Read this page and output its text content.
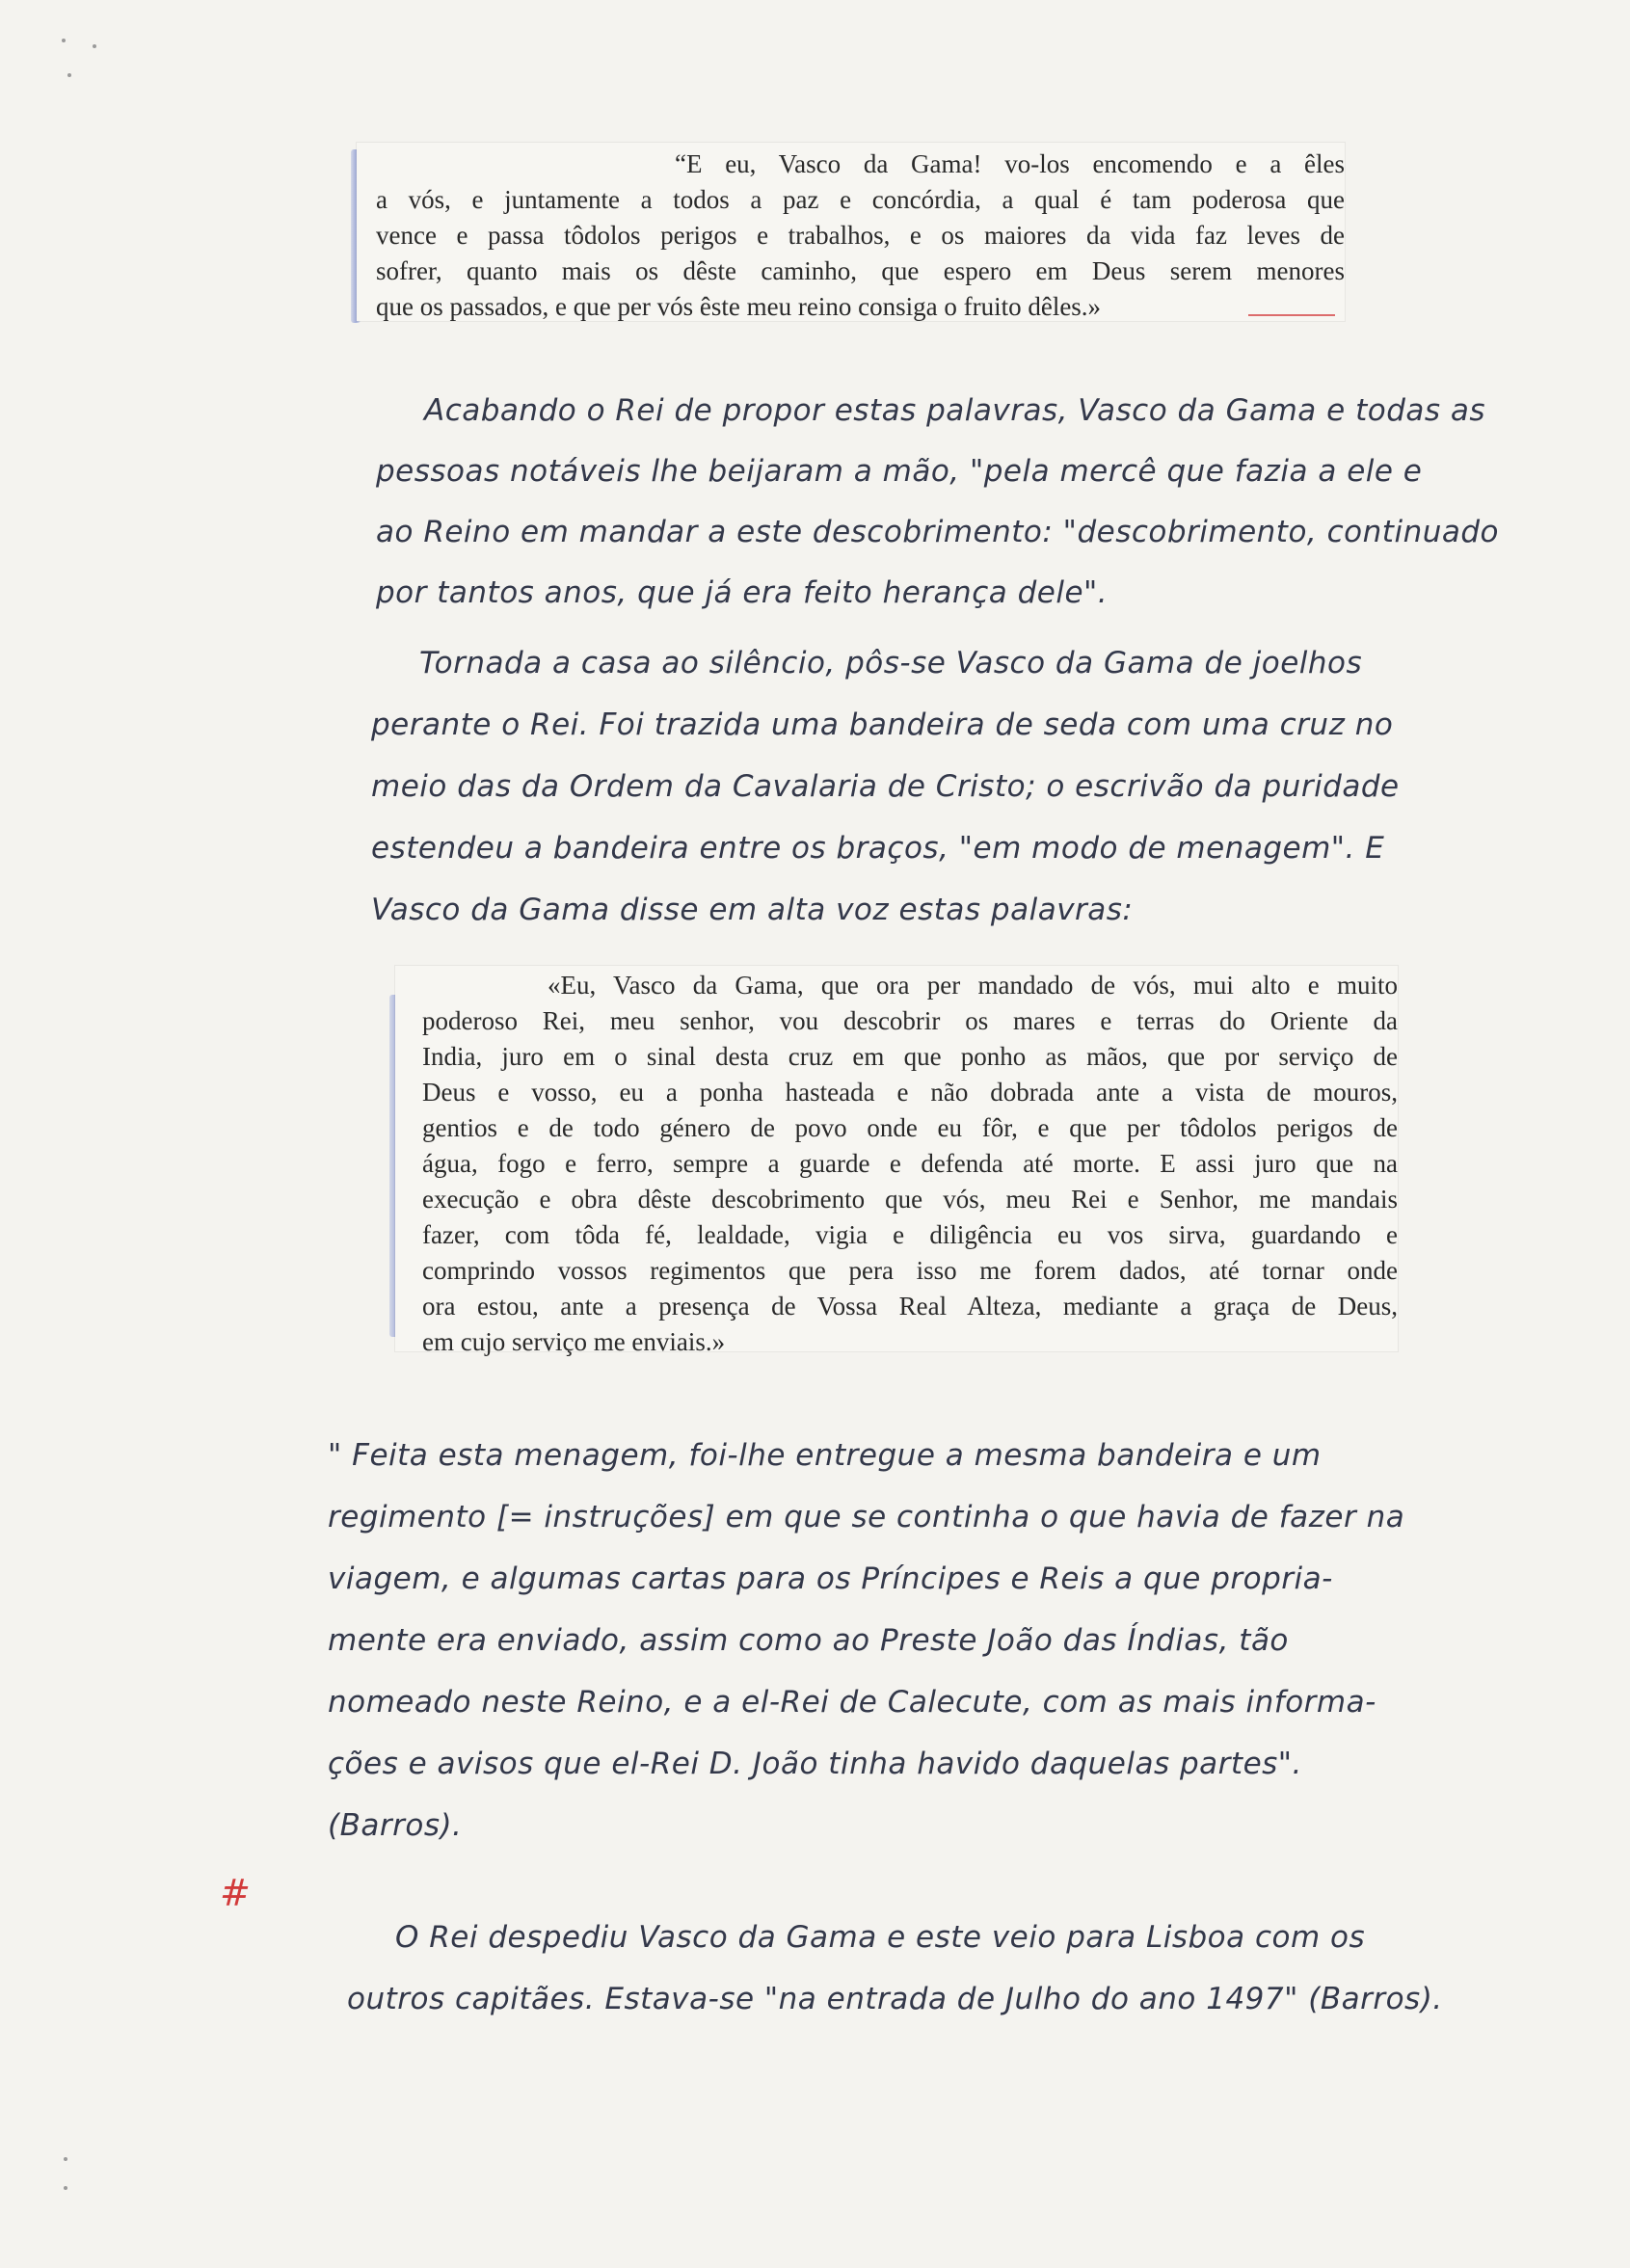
“E eu, Vasco da Gama! vo-los encomendo e a êles
a vós, e juntamente a todos a paz e concórdia, a qual é tam poderosa que
vence e passa tôdolos perigos e trabalhos, e os maiores da vida faz leves de
sofrer, quanto mais os dêste caminho, que espero em Deus serem menores
que os passados, e que per vós êste meu reino consiga o fruito dêles.»
Acabando o Rei de propor estas palavras, Vasco da Gama e todas as
pessoas notáveis lhe beijaram a mão, "pela mercê que fazia a ele e
ao Reino em mandar a este descobrimento: "descobrimento, continuado
por tantos anos, que já era feito herança dele".
Tornada a casa ao silêncio, pôs-se Vasco da Gama de joelhos
perante o Rei. Foi trazida uma bandeira de seda com uma cruz no
meio das da Ordem da Cavalaria de Cristo; o escrivão da puridade
estendeu a bandeira entre os braços, "em modo de menagem". E
Vasco da Gama disse em alta voz estas palavras:
«Eu, Vasco da Gama, que ora per mandado de vós, mui alto e muito
poderoso Rei, meu senhor, vou descobrir os mares e terras do Oriente da
India, juro em o sinal desta cruz em que ponho as mãos, que por serviço de
Deus e vosso, eu a ponha hasteada e não dobrada ante a vista de mouros,
gentios e de todo género de povo onde eu fôr, e que per tôdolos perigos de
água, fogo e ferro, sempre a guarde e defenda até morte. E assi juro que na
execução e obra dêste descobrimento que vós, meu Rei e Senhor, me mandais
fazer, com tôda fé, lealdade, vigia e diligência eu vos sirva, guardando e
comprindo vossos regimentos que pera isso me forem dados, até tornar onde
ora estou, ante a presença de Vossa Real Alteza, mediante a graça de Deus,
em cujo serviço me enviais.»
" Feita esta menagem, foi-lhe entregue a mesma bandeira e um
regimento [= instruções] em que se continha o que havia de fazer na
viagem, e algumas cartas para os Príncipes e Reis a que propria-
mente era enviado, assim como ao Preste João das Índias, tão
nomeado neste Reino, e a el-Rei de Calecute, com as mais informa-
ções e avisos que el-Rei D. João tinha havido daquelas partes".
(Barros).
#
O Rei despediu Vasco da Gama e este veio para Lisboa com os
outros capitães. Estava-se "na entrada de Julho do ano 1497" (Barros).
